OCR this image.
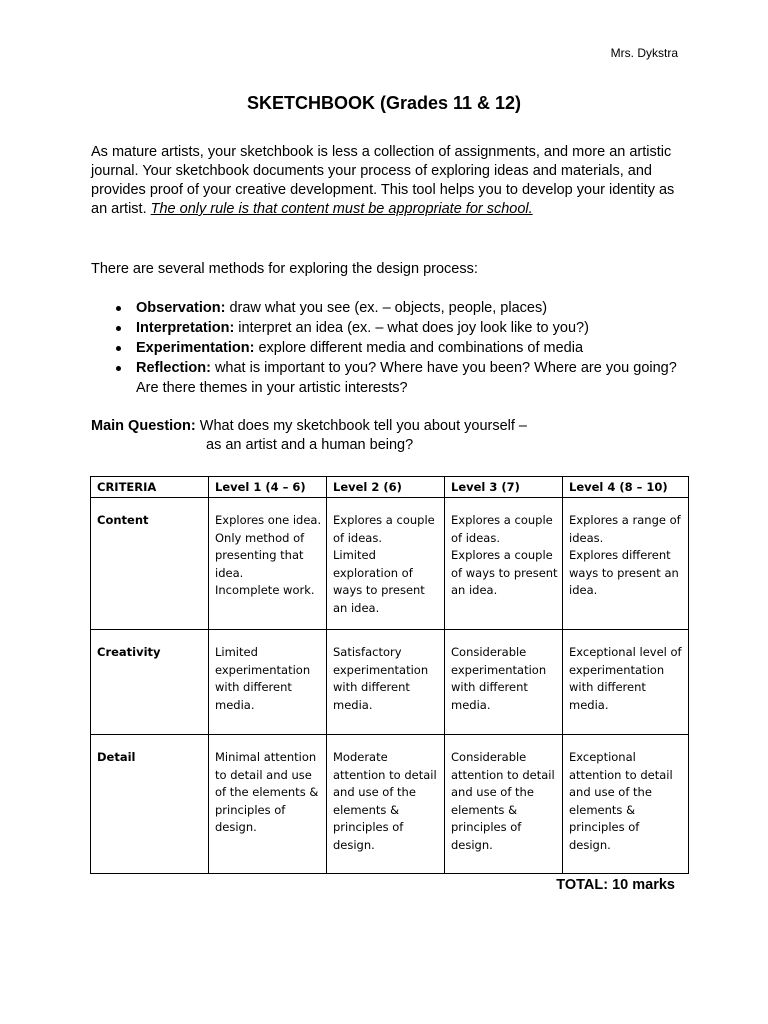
Mrs. Dykstra
SKETCHBOOK (Grades 11 & 12)

As mature artists, your sketchbook is less a collection of assignments, and more an artistic journal. Your sketchbook documents your process of exploring ideas and materials, and provides proof of your creative development. This tool helps you to develop your identity as an artist. The only rule is that content must be appropriate for school.

There are several methods for exploring the design process:

Observation: draw what you see (ex. – objects, people, places)
Interpretation: interpret an idea (ex. – what does joy look like to you?)
Experimentation: explore different media and combinations of media
Reflection: what is important to you? Where have you been? Where are you going? Are there themes in your artistic interests?
Main Question: What does my sketchbook tell you about yourself –
as an artist and a human being?
CRITERIA	Level 1 (4 – 6)	Level 2 (6)	Level 3 (7)	Level 4 (8 – 10)
Content	Explores one idea.
Only method of presenting that idea.
Incomplete work.	Explores a couple of ideas.
Limited exploration of ways to present an idea.	Explores a couple of ideas.
Explores a couple of ways to present an idea.	Explores a range of ideas.
Explores different ways to present an idea.
Creativity	Limited experimentation with different media.	Satisfactory experimentation with different media.	Considerable experimentation with different media.	Exceptional level of experimentation with different media.
Detail	Minimal attention to detail and use of the elements & principles of design.	Moderate attention to detail and use of the elements & principles of design.	Considerable attention to detail and use of the elements & principles of design.	Exceptional attention to detail and use of the elements & principles of design.
TOTAL: 10 marks
